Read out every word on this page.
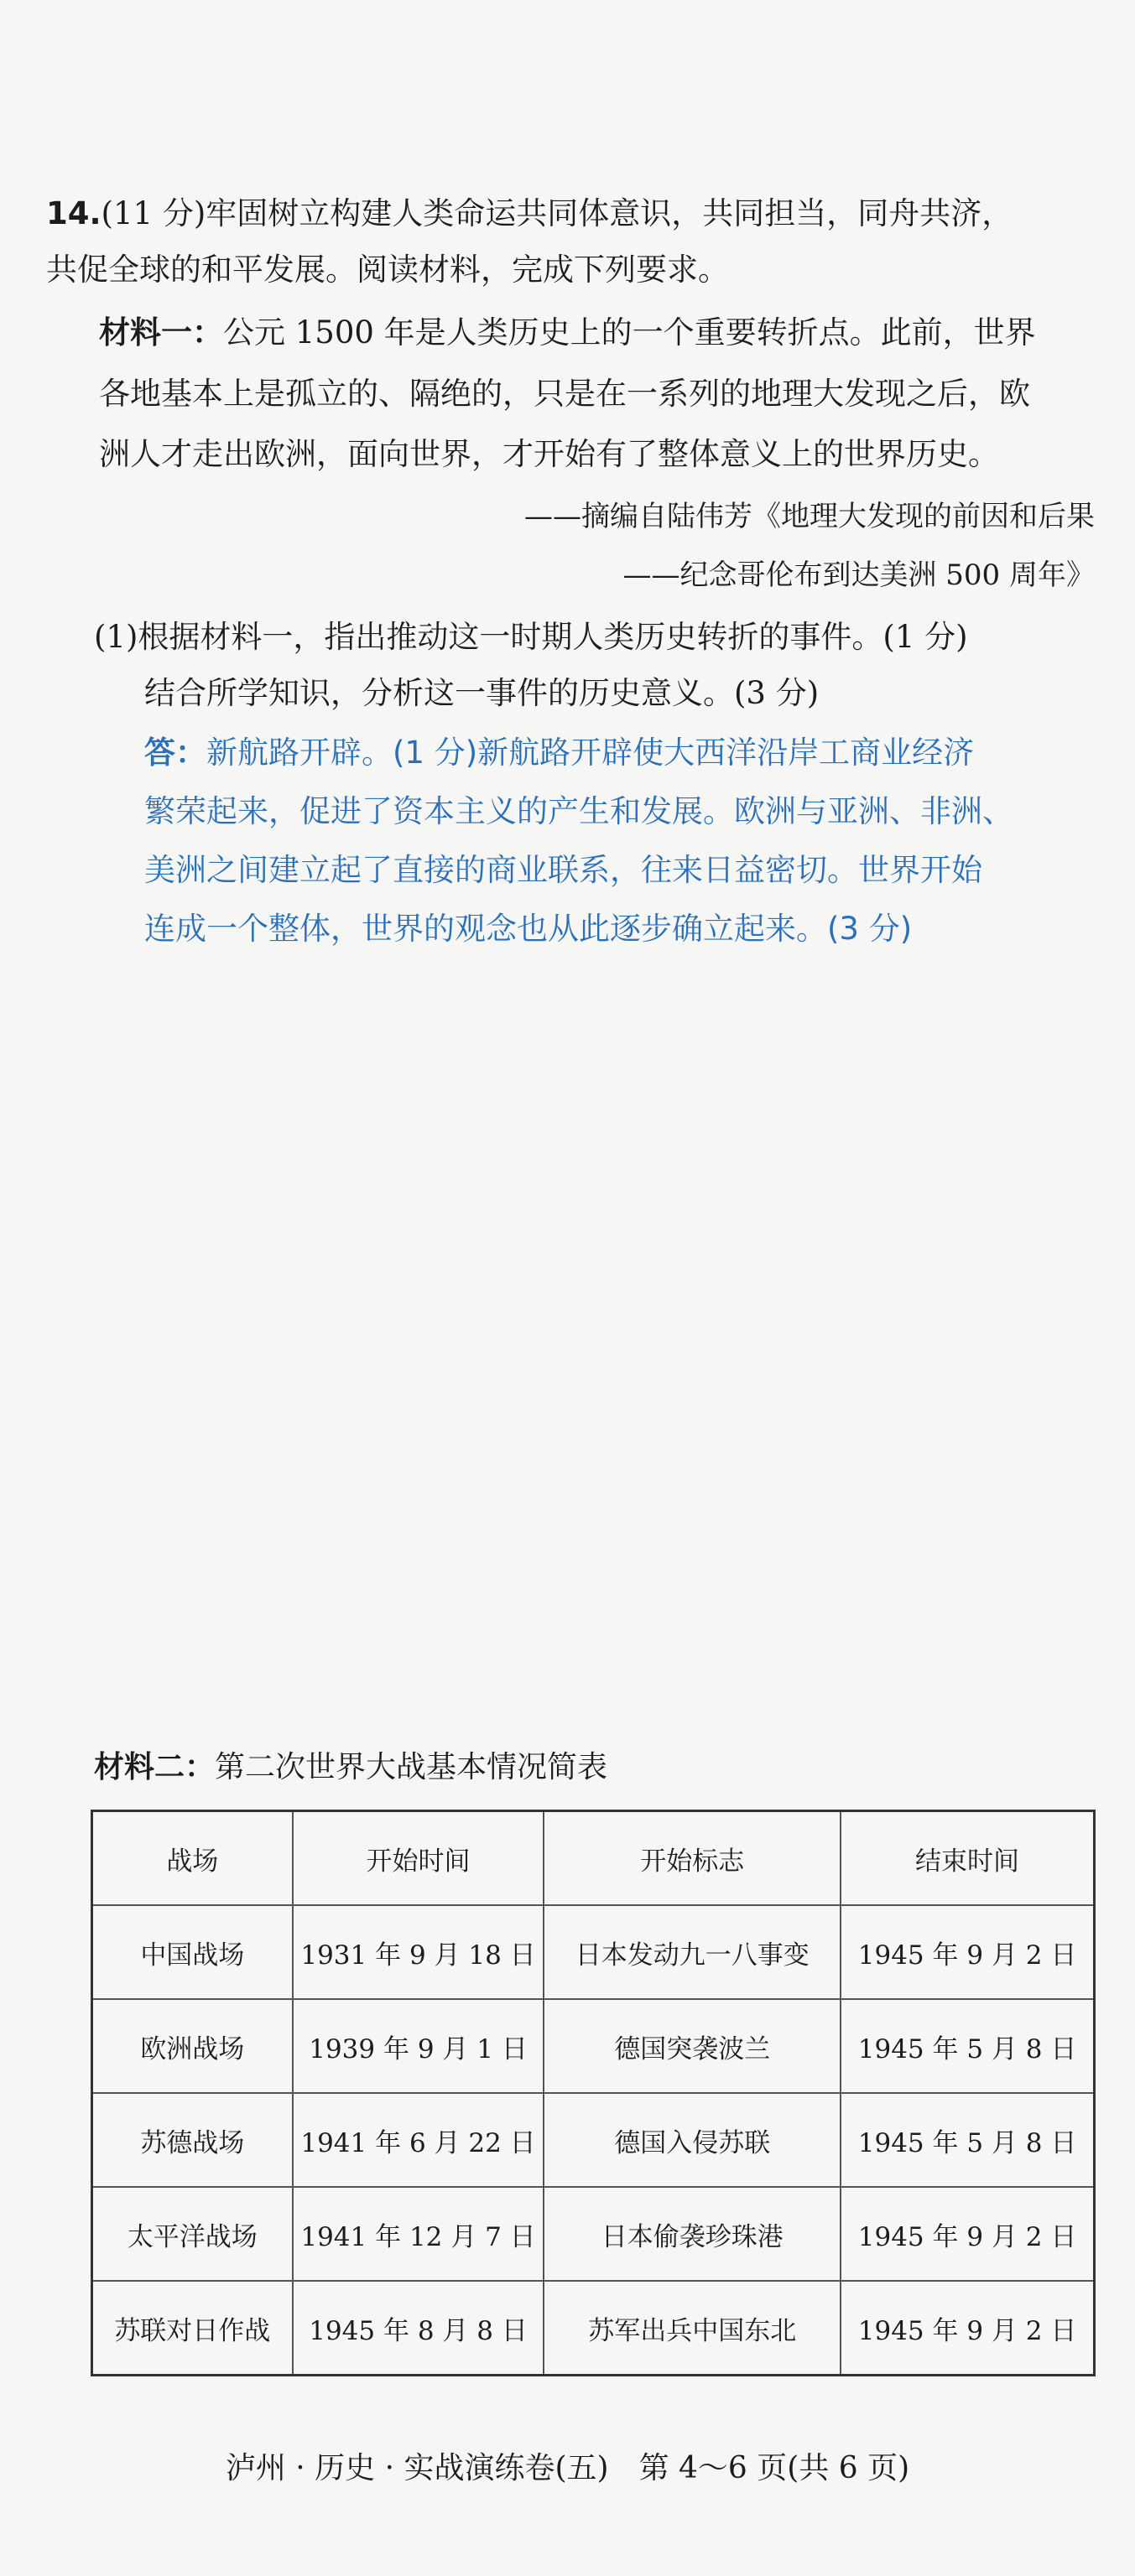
14.(11 分)牢固树立构建人类命运共同体意识，共同担当，同舟共济，
共促全球的和平发展。阅读材料，完成下列要求。
材料一：公元 1500 年是人类历史上的一个重要转折点。此前，世界
各地基本上是孤立的、隔绝的，只是在一系列的地理大发现之后，欧
洲人才走出欧洲，面向世界，才开始有了整体意义上的世界历史。
——摘编自陆伟芳《地理大发现的前因和后果
——纪念哥伦布到达美洲 500 周年》
(1)根据材料一，指出推动这一时期人类历史转折的事件。(1 分)
结合所学知识，分析这一事件的历史意义。(3 分)
答：新航路开辟。(1 分)新航路开辟使大西洋沿岸工商业经济
繁荣起来，促进了资本主义的产生和发展。欧洲与亚洲、非洲、
美洲之间建立起了直接的商业联系，往来日益密切。世界开始
连成一个整体，世界的观念也从此逐步确立起来。(3 分)
材料二：第二次世界大战基本情况简表
战场	开始时间	开始标志	结束时间
中国战场	1931 年 9 月 18 日	日本发动九一八事变	1945 年 9 月 2 日
欧洲战场	1939 年 9 月 1 日	德国突袭波兰	1945 年 5 月 8 日
苏德战场	1941 年 6 月 22 日	德国入侵苏联	1945 年 5 月 8 日
太平洋战场	1941 年 12 月 7 日	日本偷袭珍珠港	1945 年 9 月 2 日
苏联对日作战	1945 年 8 月 8 日	苏军出兵中国东北	1945 年 9 月 2 日
泸州 · 历史 · 实战演练卷(五)　第 4～6 页(共 6 页)
